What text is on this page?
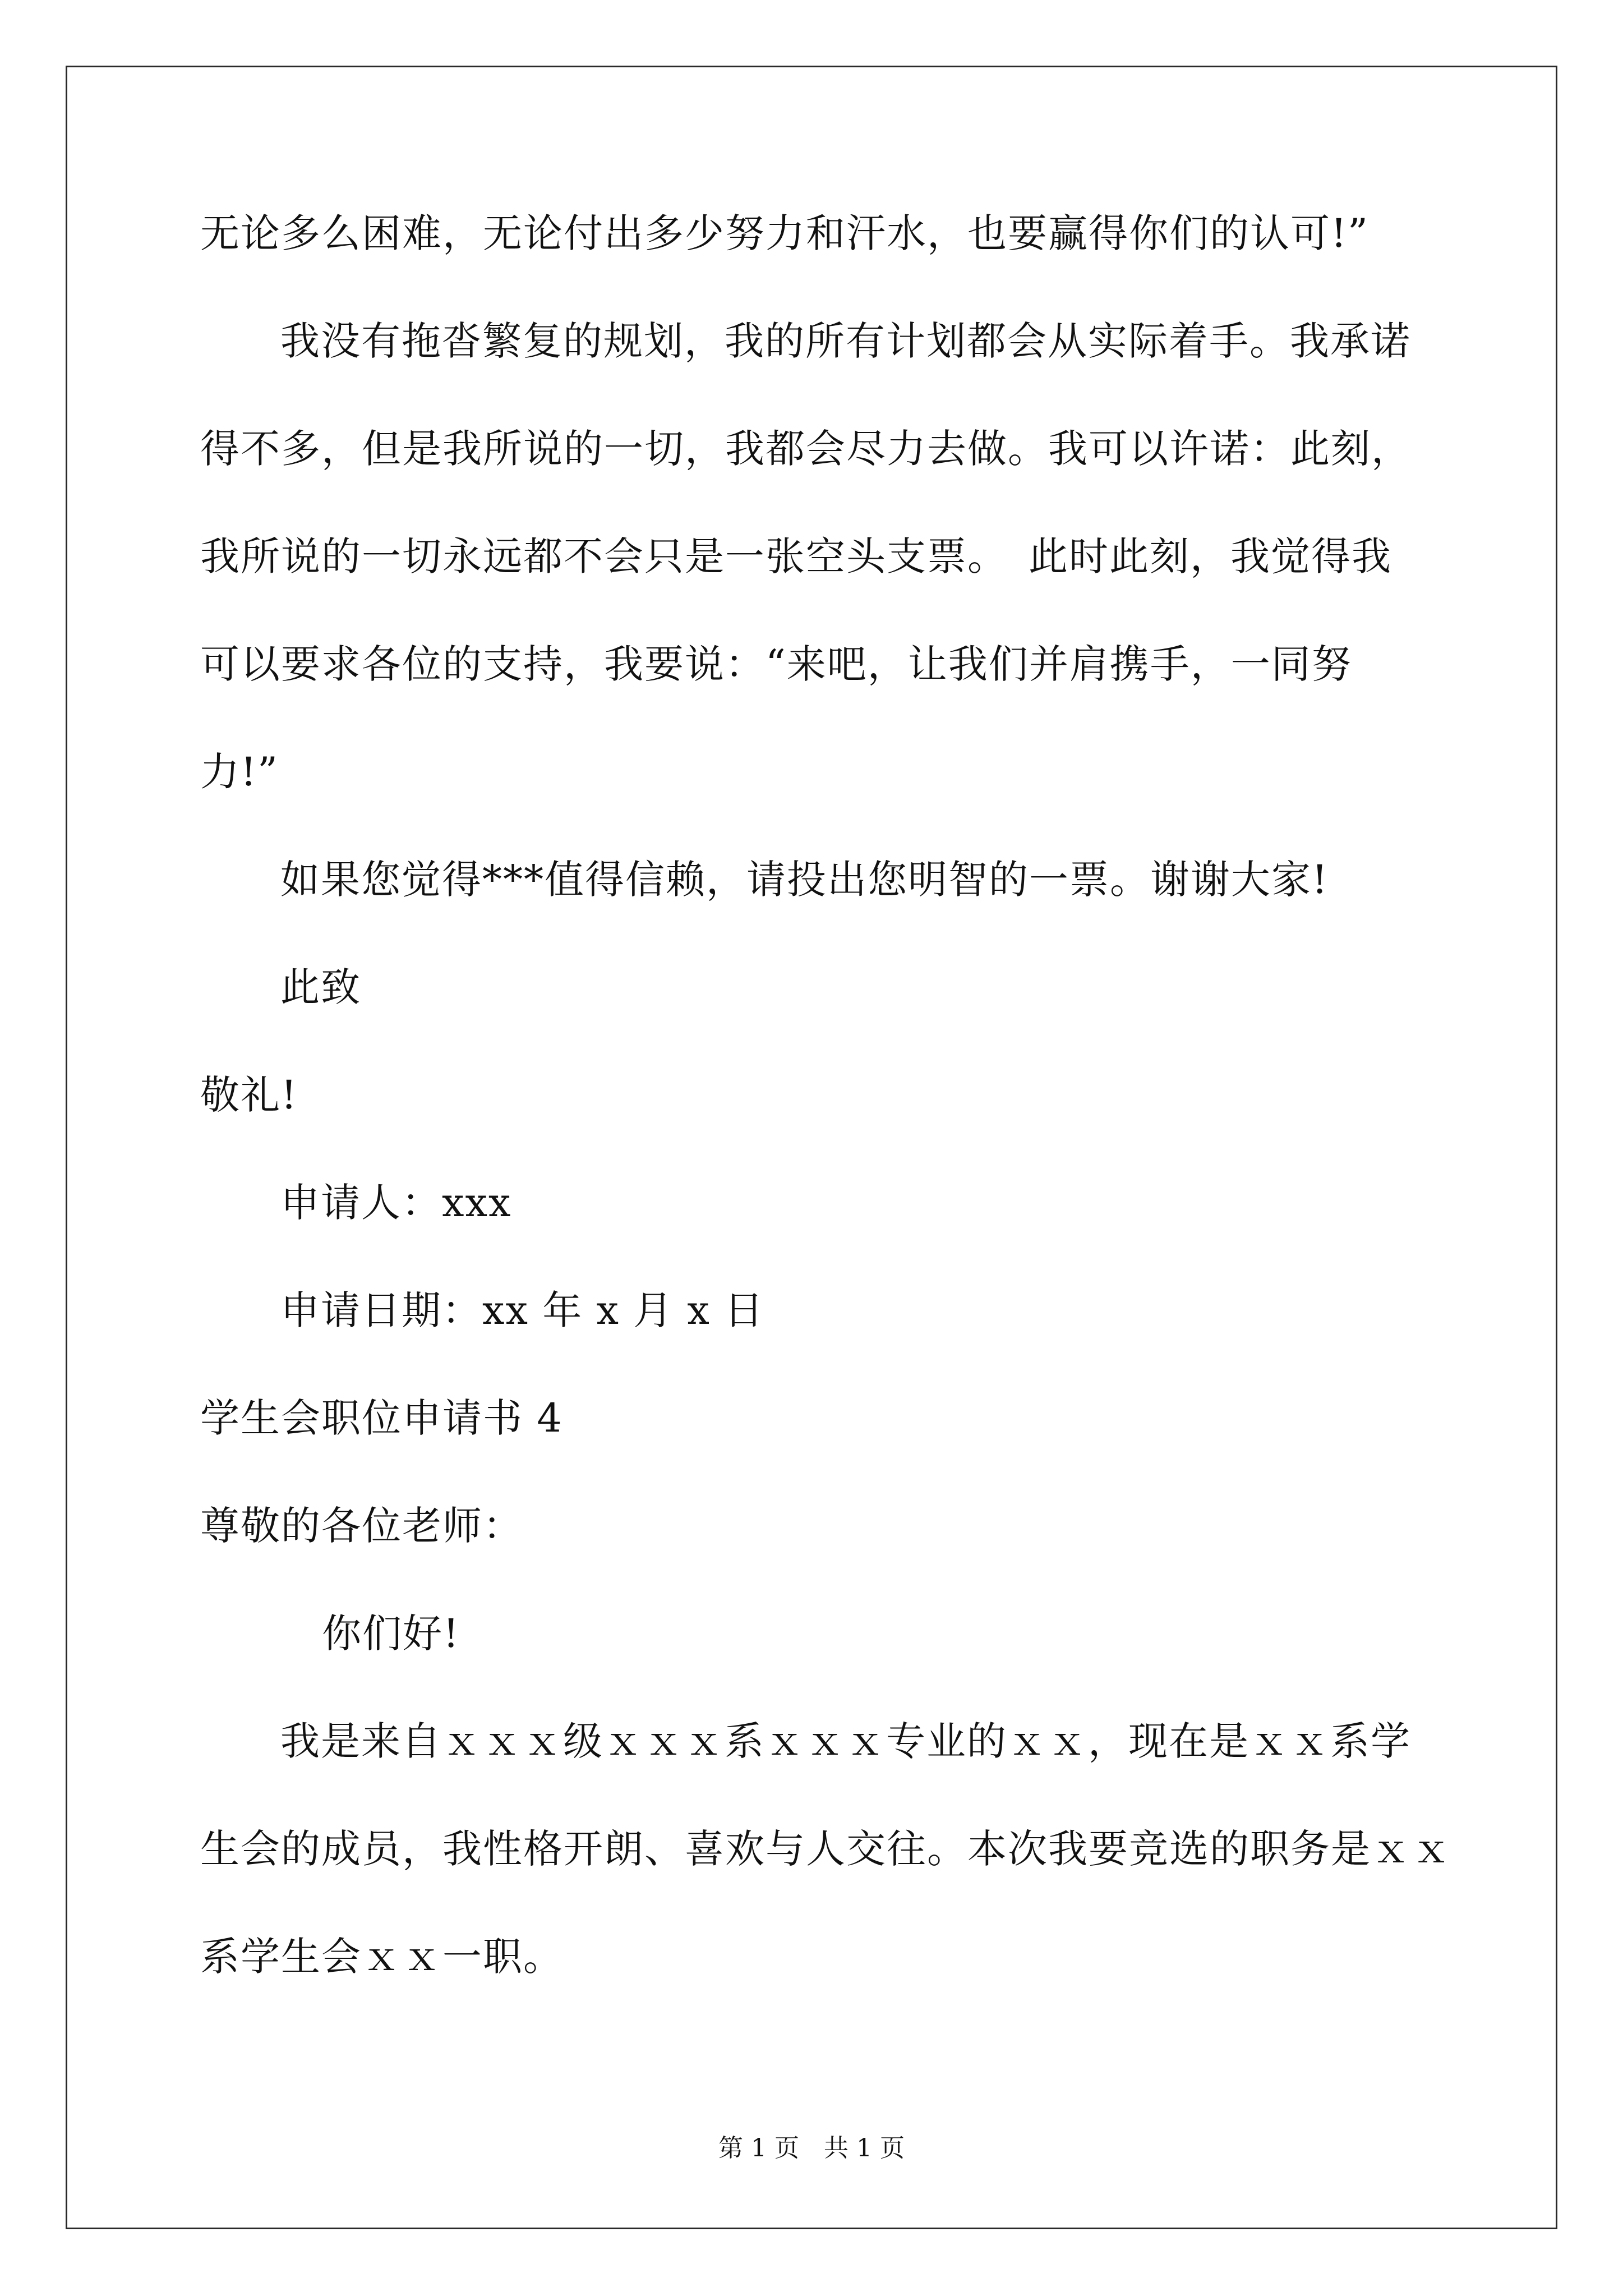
无论多么困难，无论付出多少努力和汗水，也要赢得你们的认可!”
我没有拖沓繁复的规划，我的所有计划都会从实际着手。我承诺
得不多，但是我所说的一切，我都会尽力去做。我可以许诺：此刻，
我所说的一切永远都不会只是一张空头支票。　此时此刻，我觉得我
可以要求各位的支持，我要说：“来吧，让我们并肩携手，一同努
力!”
如果您觉得***值得信赖，请投出您明智的一票。谢谢大家!
此致
敬礼!
申请人：xxx
申请日期：xx 年 x 月 x 日
学生会职位申请书 4
尊敬的各位老师：
你们好!
我是来自ｘｘｘ级ｘｘｘ系ｘｘｘ专业的ｘｘ，现在是ｘｘ系学
生会的成员，我性格开朗、喜欢与人交往。本次我要竞选的职务是ｘｘ
系学生会ｘｘ一职。
第 1 页　共 1 页
